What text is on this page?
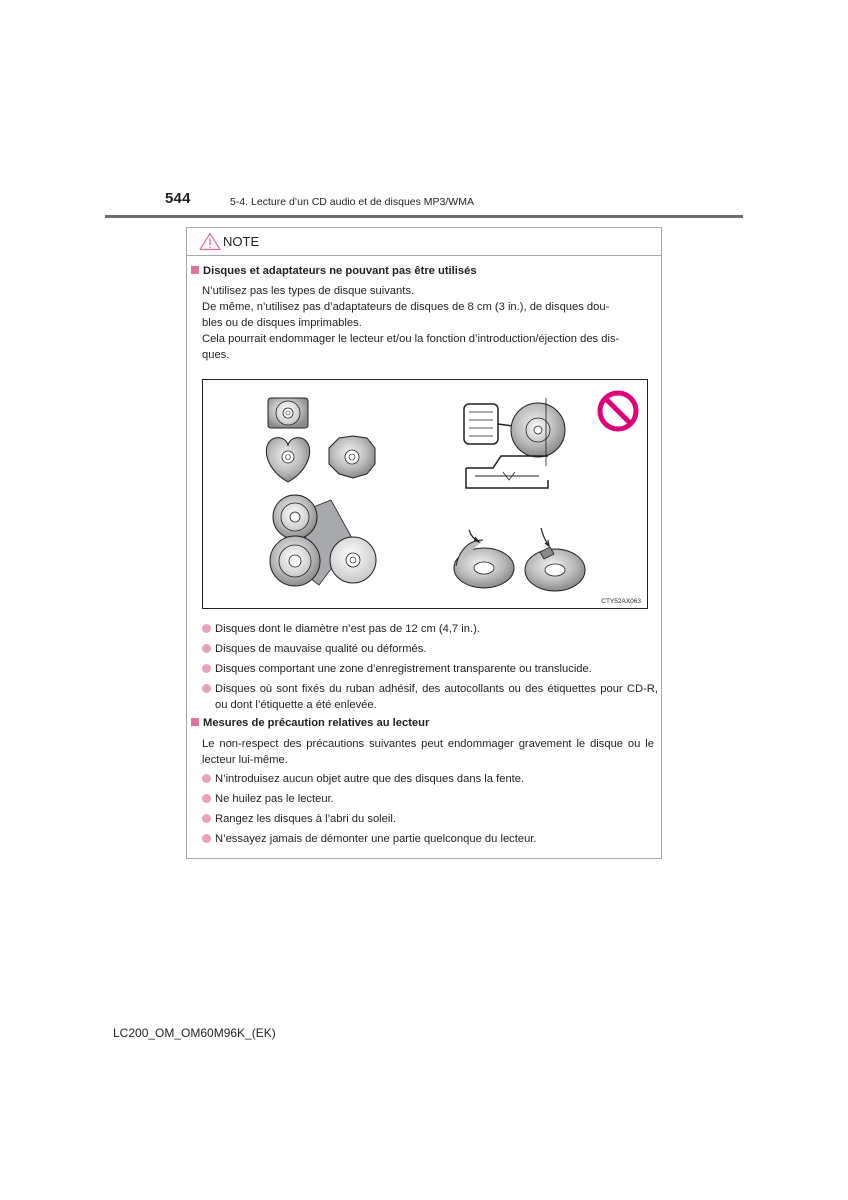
544	5-4. Lecture d’un CD audio et de disques MP3/WMA
NOTE
Disques et adaptateurs ne pouvant pas être utilisés
N’utilisez pas les types de disque suivants.
De même, n’utilisez pas d’adaptateurs de disques de 8 cm (3 in.), de disques dou-
bles ou de disques imprimables.
Cela pourrait endommager le lecteur et/ou la fonction d’introduction/éjection des dis-
ques.
CTY52AX063
Disques dont le diamètre n’est pas de 12 cm (4,7 in.).
Disques de mauvaise qualité ou déformés.
Disques comportant une zone d’enregistrement transparente ou translucide.
Disques où sont fixés du ruban adhésif, des autocollants ou des étiquettes pour CD-R, ou dont l’étiquette a été enlevée.
Mesures de précaution relatives au lecteur
Le non-respect des précautions suivantes peut endommager gravement le disque ou le lecteur lui-même.
N’introduisez aucun objet autre que des disques dans la fente.
Ne huilez pas le lecteur.
Rangez les disques à l’abri du soleil.
N’essayez jamais de démonter une partie quelconque du lecteur.
LC200_OM_OM60M96K_(EK)
